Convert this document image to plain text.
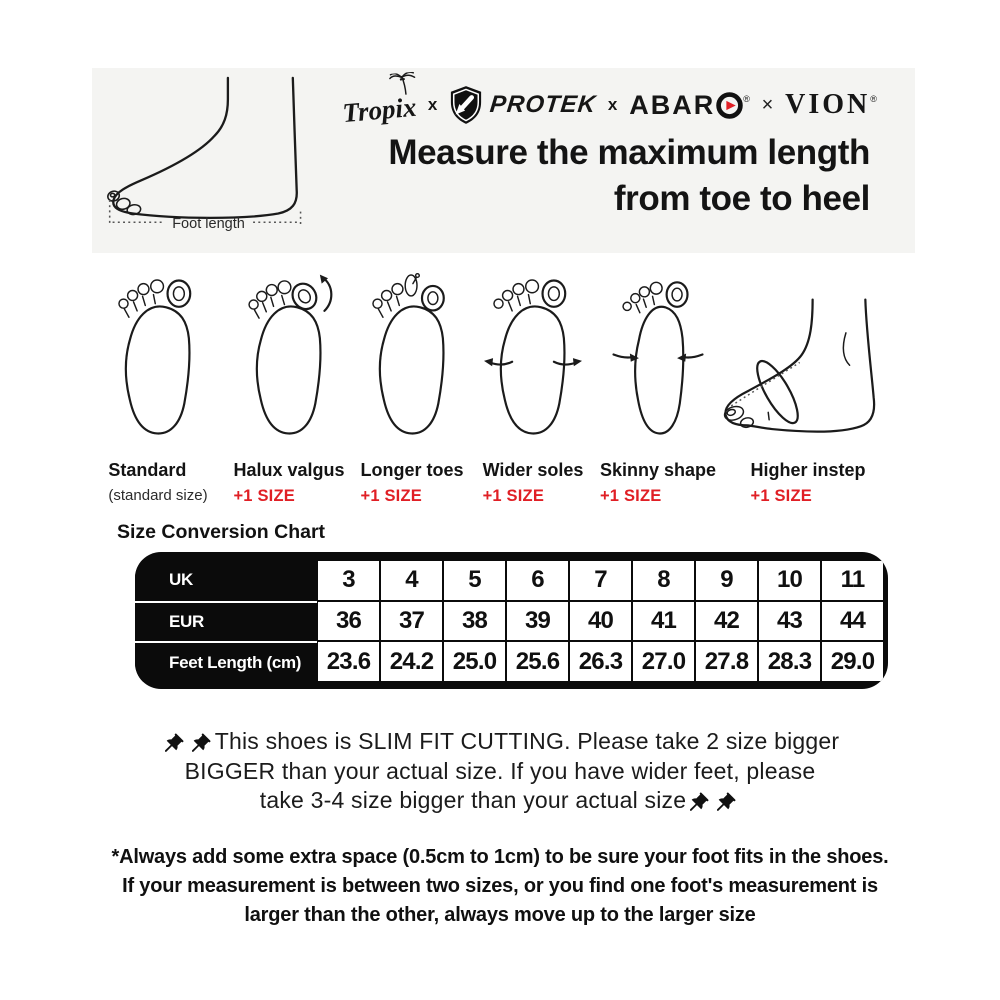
Foot length
Tropix x PROTEK x ABAR	® × VION ®
Measure the maximum length
from toe to heel
Standard
(standard size)
Halux valgus
+1 SIZE
Longer toes
+1 SIZE
Wider soles
+1 SIZE
Skinny shape
+1 SIZE
Higher instep
+1 SIZE
Size Conversion Chart
UK	3	4	5	6	7	8	9	10	11
EUR	36	37	38	39	40	41	42	43	44
Feet Length (cm)	23.6 24.2 25.0 25.6 26.3 27.0 27.8 28.3 29.0

This shoes is SLIM FIT CUTTING. Please take 2 size bigger
BIGGER than your actual size. If you have wider feet, please
take 3-4 size bigger than your actual size

*Always add some extra space (0.5cm to 1cm) to be sure your foot fits in the shoes.
If your measurement is between two sizes, or you find one foot's measurement is
larger than the other, always move up to the larger size
